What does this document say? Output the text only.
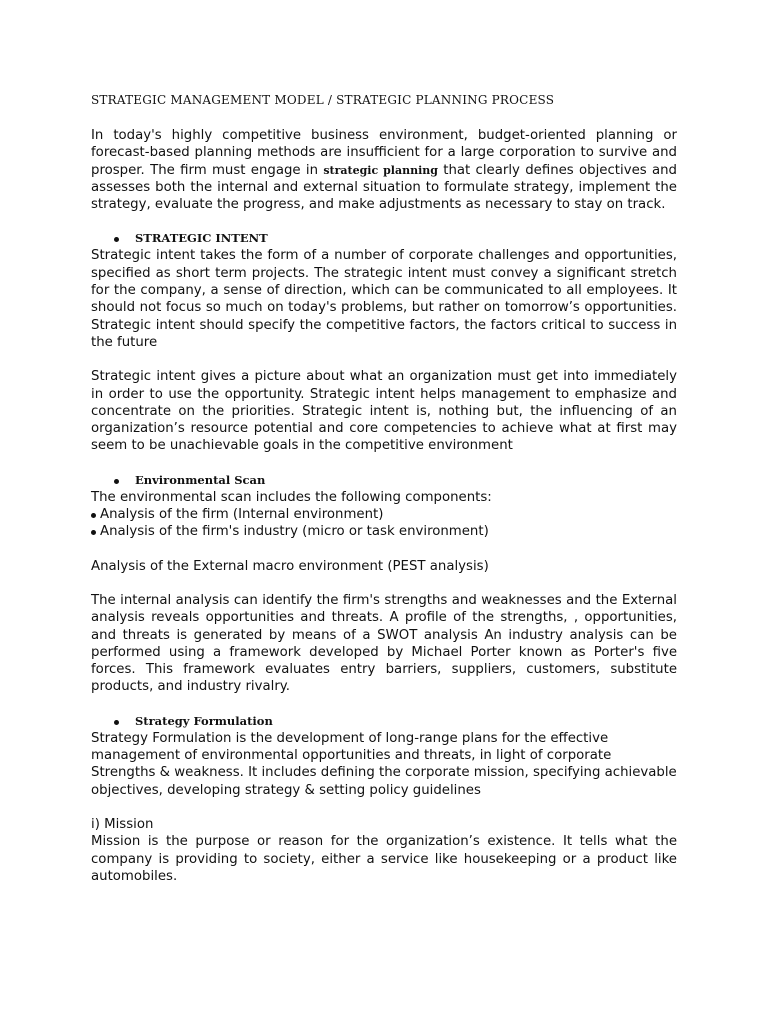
STRATEGIC MANAGEMENT MODEL / STRATEGIC PLANNING PROCESS

In today's highly competitive business environment, budget-oriented planning or forecast-based planning methods are insufficient for a large corporation to survive and prosper. The firm must engage in strategic planning that clearly defines objectives and assesses both the internal and external situation to formulate strategy, implement the strategy, evaluate the progress, and make adjustments as necessary to stay on track.

STRATEGIC INTENT

Strategic intent takes the form of a number of corporate challenges and opportunities, specified as short term projects. The strategic intent must convey a significant stretch for the company, a sense of direction, which can be communicated to all employees. It should not focus so much on today's problems, but rather on tomorrow’s opportunities. Strategic intent should specify the competitive factors, the factors critical to success in the future

Strategic intent gives a picture about what an organization must get into immediately in order to use the opportunity. Strategic intent helps management to emphasize and concentrate on the priorities. Strategic intent is, nothing but, the influencing of an organization’s resource potential and core competencies to achieve what at first may seem to be unachievable goals in the competitive environment

Environmental Scan

The environmental scan includes the following components:

Analysis of the firm (Internal environment)

Analysis of the firm's industry (micro or task environment)

Analysis of the External macro environment (PEST analysis)

The internal analysis can identify the firm's strengths and weaknesses and the External analysis reveals opportunities and threats. A profile of the strengths, , opportunities, and threats is generated by means of a SWOT analysis An industry analysis can be performed using a framework developed by Michael Porter known as Porter's five forces. This framework evaluates entry barriers, suppliers, customers, substitute products, and industry rivalry.

Strategy Formulation

Strategy Formulation is the development of long-range plans for the effective management of environmental opportunities and threats, in light of corporate Strengths & weakness. It includes defining the corporate mission, specifying achievable objectives, developing strategy & setting policy guidelines

i) Mission

Mission is the purpose or reason for the organization’s existence. It tells what the company is providing to society, either a service like housekeeping or a product like automobiles.
